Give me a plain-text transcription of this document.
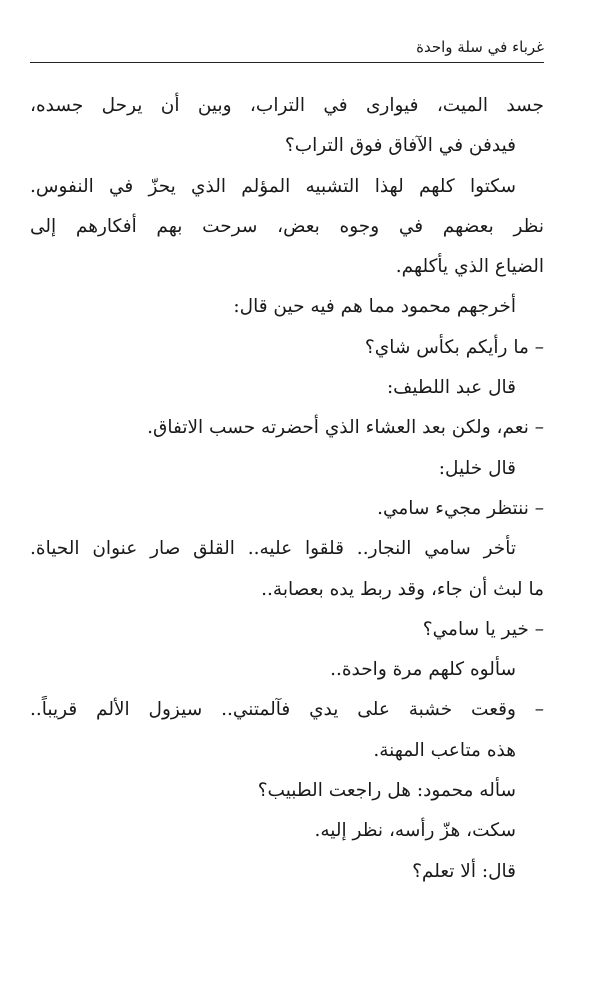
غرباء في سلة واحدة
جسد الميت، فيوارى في التراب، وبين أن يرحل جسده،
فيدفن في الآفاق فوق التراب؟
سكتوا كلهم لهذا التشبيه المؤلم الذي يحزّ في النفوس.
نظر بعضهم في وجوه بعض، سرحت بهم أفكارهم إلى
الضياع الذي يأكلهم.
أخرجهم محمود مما هم فيه حين قال:
– ما رأيكم بكأس شاي؟
قال عبد اللطيف:
– نعم، ولكن بعد العشاء الذي أحضرته حسب الاتفاق.
قال خليل:
– ننتظر مجيء سامي.
تأخر سامي النجار.. قلقوا عليه.. القلق صار عنوان الحياة.
ما لبث أن جاء، وقد ربط يده بعصابة..
– خير يا سامي؟
سألوه كلهم مرة واحدة..
– وقعت خشبة على يدي فآلمتني.. سيزول الألم قريباً..
هذه متاعب المهنة.
سأله محمود: هل راجعت الطبيب؟
سكت، هزّ رأسه، نظر إليه.
قال: ألا تعلم؟
